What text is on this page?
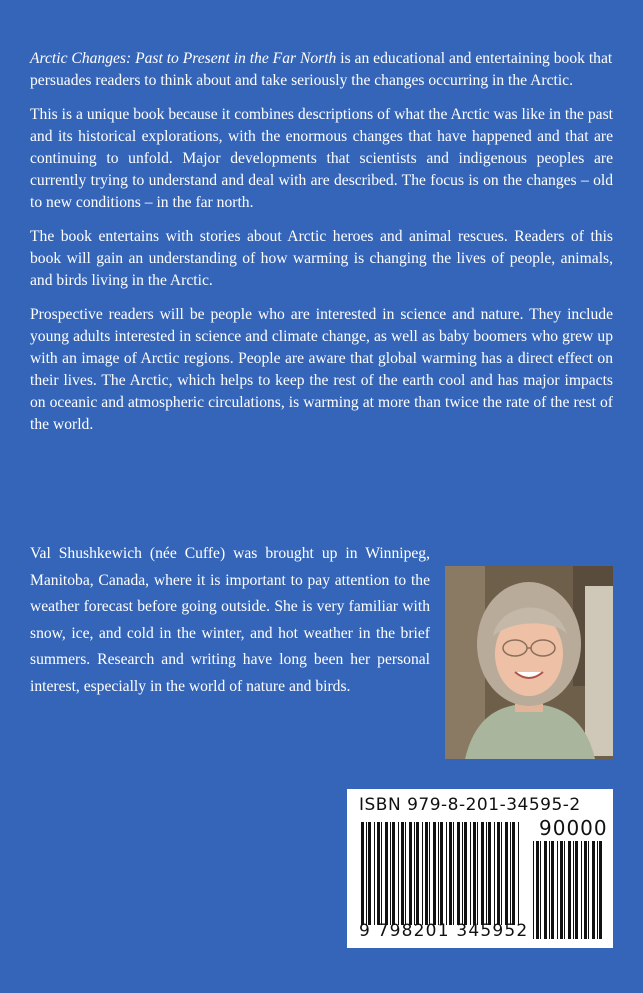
Arctic Changes: Past to Present in the Far North is an educational and entertaining book that persuades readers to think about and take seriously the changes occurring in the Arctic.

This is a unique book because it combines descriptions of what the Arctic was like in the past and its historical explorations, with the enormous changes that have happened and that are continuing to unfold. Major developments that scientists and indigenous peoples are currently trying to understand and deal with are described. The focus is on the changes – old to new conditions – in the far north.

The book entertains with stories about Arctic heroes and animal rescues. Readers of this book will gain an understanding of how warming is changing the lives of people, animals, and birds living in the Arctic.

Prospective readers will be people who are interested in science and nature. They include young adults interested in science and climate change, as well as baby boomers who grew up with an image of Arctic regions. People are aware that global warming has a direct effect on their lives. The Arctic, which helps to keep the rest of the earth cool and has major impacts on oceanic and atmospheric circulations, is warming at more than twice the rate of the rest of the world.

Val Shushkewich (née Cuffe) was brought up in Winnipeg, Manitoba, Canada, where it is important to pay attention to the weather forecast before going outside. She is very familiar with snow, ice, and cold in the winter, and hot weather in the brief summers. Research and writing have long been her personal interest, especially in the world of nature and birds.
ISBN 979-8-201-34595-2
90000
9 798201 345952
